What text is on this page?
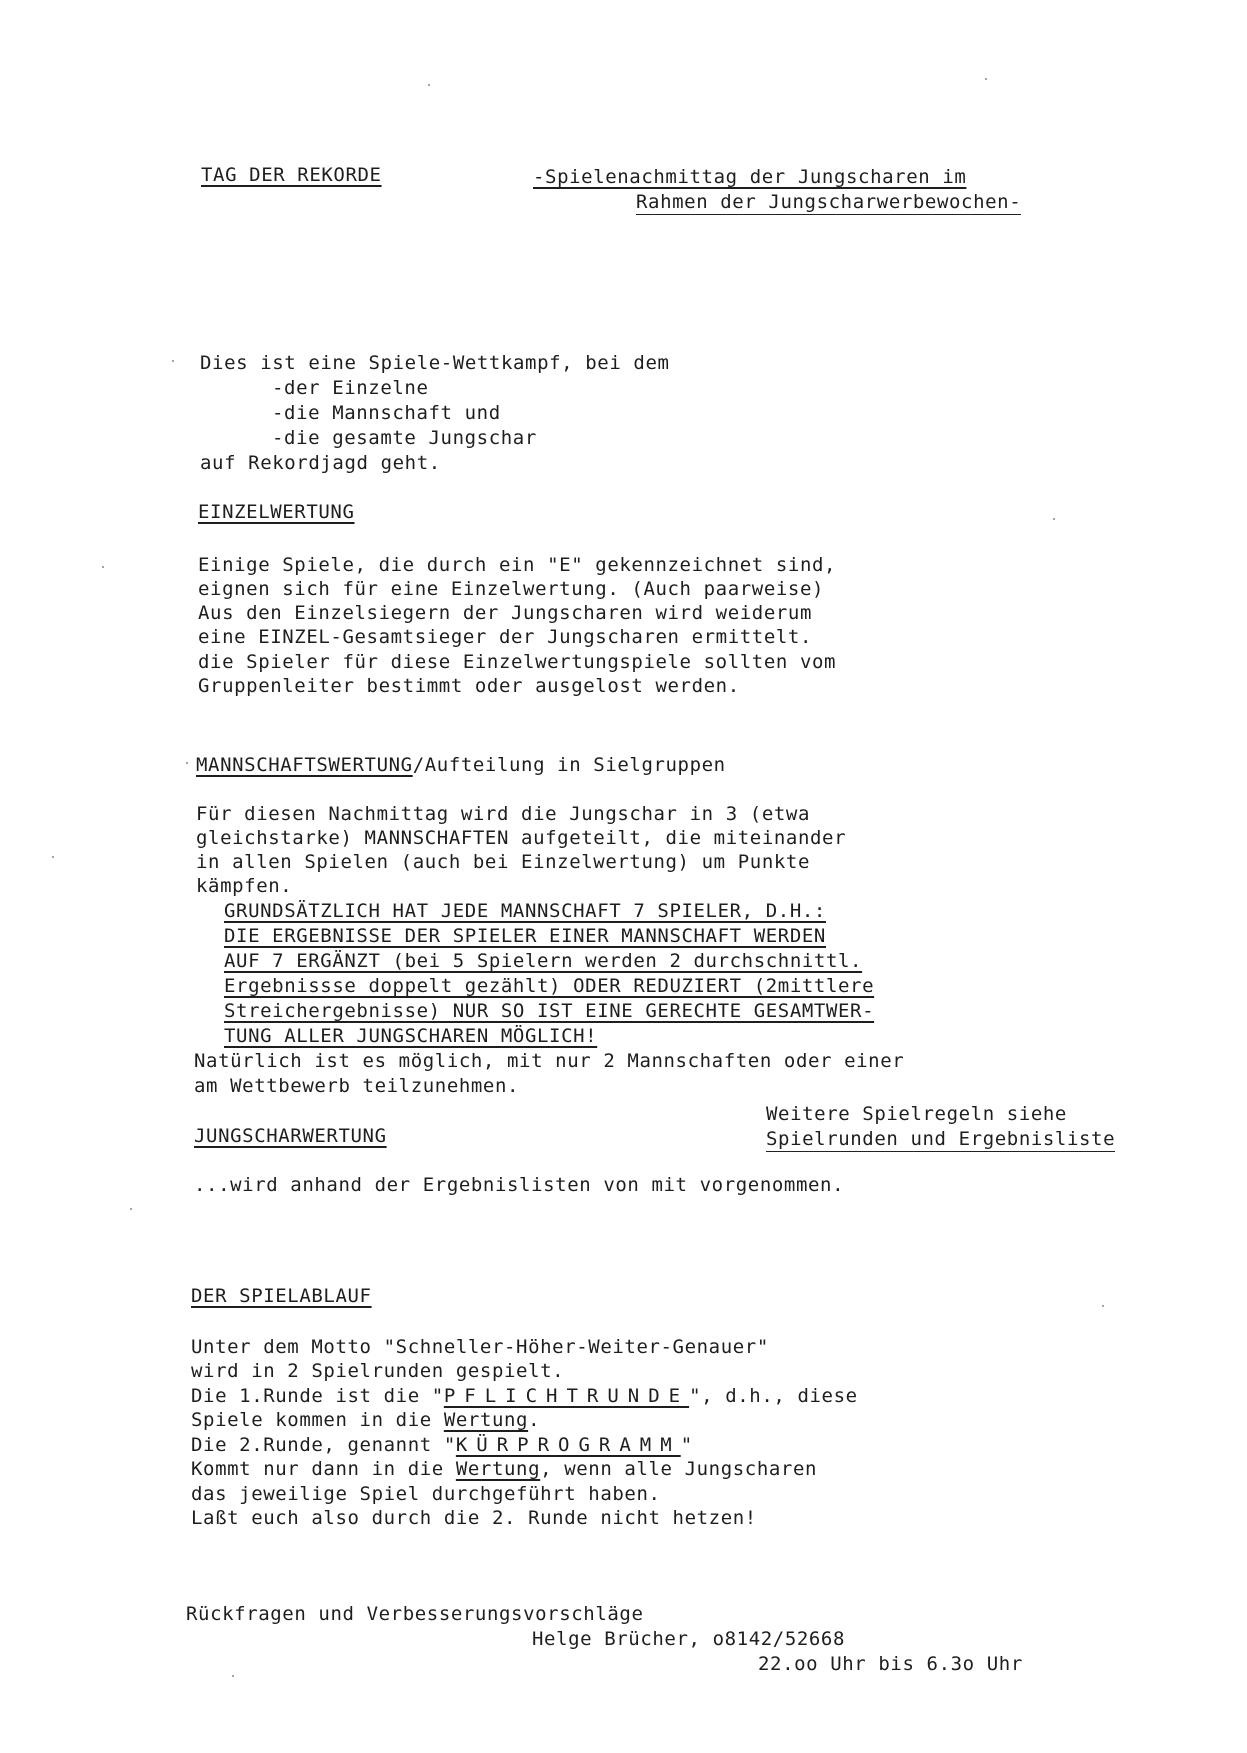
TAG DER REKORDE	-Spielenachmittag der Jungscharen im
Rahmen der Jungscharwerbewochen-
Dies ist eine Spiele-Wettkampf, bei dem
-der Einzelne
-die Mannschaft und
-die gesamte Jungschar
auf Rekordjagd geht.
EINZELWERTUNG
Einige Spiele, die durch ein "E" gekennzeichnet sind,
eignen sich für eine Einzelwertung. (Auch paarweise)
Aus den Einzelsiegern der Jungscharen wird weiderum
eine EINZEL-Gesamtsieger der Jungscharen ermittelt.
die Spieler für diese Einzelwertungspiele sollten vom
Gruppenleiter bestimmt oder ausgelost werden.
MANNSCHAFTSWERTUNG/Aufteilung in Sielgruppen
Für diesen Nachmittag wird die Jungschar in 3 (etwa
gleichstarke) MANNSCHAFTEN aufgeteilt, die miteinander
in allen Spielen (auch bei Einzelwertung) um Punkte
kämpfen.
GRUNDSÄTZLICH HAT JEDE MANNSCHAFT 7 SPIELER, D.H.:
DIE ERGEBNISSE DER SPIELER EINER MANNSCHAFT WERDEN
AUF 7 ERGÄNZT (bei 5 Spielern werden 2 durchschnittl.
Ergebnissse doppelt gezählt) ODER REDUZIERT (2mittlere
Streichergebnisse) NUR SO IST EINE GERECHTE GESAMTWER-
TUNG ALLER JUNGSCHAREN MÖGLICH!
Natürlich ist es möglich, mit nur 2 Mannschaften oder einer
am Wettbewerb teilzunehmen.
Weitere Spielregeln siehe
Spielrunden und Ergebnisliste
JUNGSCHARWERTUNG
...wird anhand der Ergebnislisten von mit vorgenommen.
DER SPIELABLAUF
Unter dem Motto "Schneller-Höher-Weiter-Genauer"
wird in 2 Spielrunden gespielt.
Die 1.Runde ist die "PFLICHTRUNDE", d.h., diese
Spiele kommen in die Wertung.
Die 2.Runde, genannt "KÜRPROGRAMM"
Kommt nur dann in die Wertung, wenn alle Jungscharen
das jeweilige Spiel durchgeführt haben.
Laßt euch also durch die 2. Runde nicht hetzen!
Rückfragen und Verbesserungsvorschläge
Helge Brücher, o8142/52668
22.oo Uhr bis 6.3o Uhr
